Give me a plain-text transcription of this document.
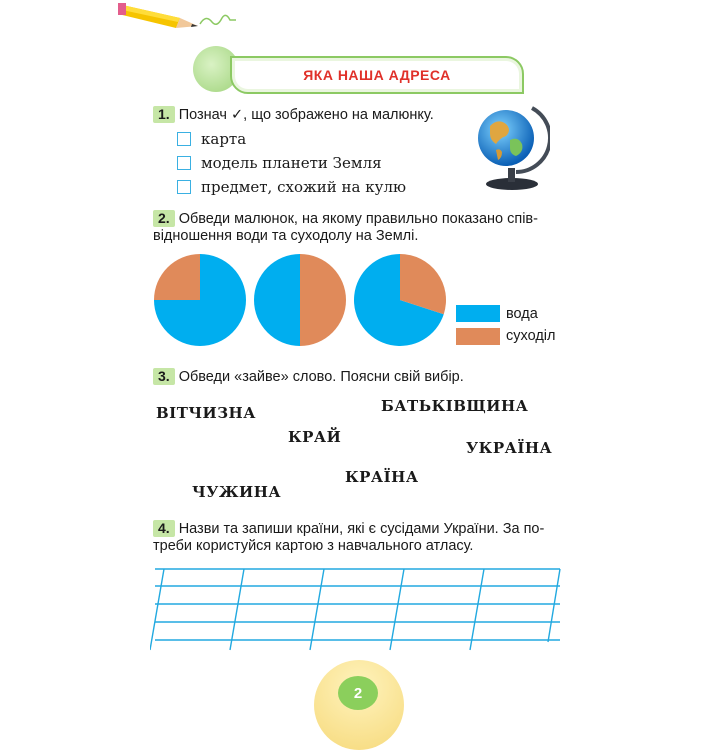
ЯКА НАША АДРЕСА
1. Познач ✓, що зображено на малюнку.
карта
модель планети Земля
предмет, схожий на кулю
2. Обведи малюнок, на якому правильно показано спів-
відношення води та суходолу на Землі.
вода
суходіл
3. Обведи «зайве» слово. Поясни свій вибір.
ВІТЧИЗНА	БАТЬКІВЩИНА
КРАЙ
УКРАЇНА
КРАЇНА
ЧУЖИНА
4. Назви та запиши країни, які є сусідами України. За по-
треби користуйся картою з навчального атласу.
2
